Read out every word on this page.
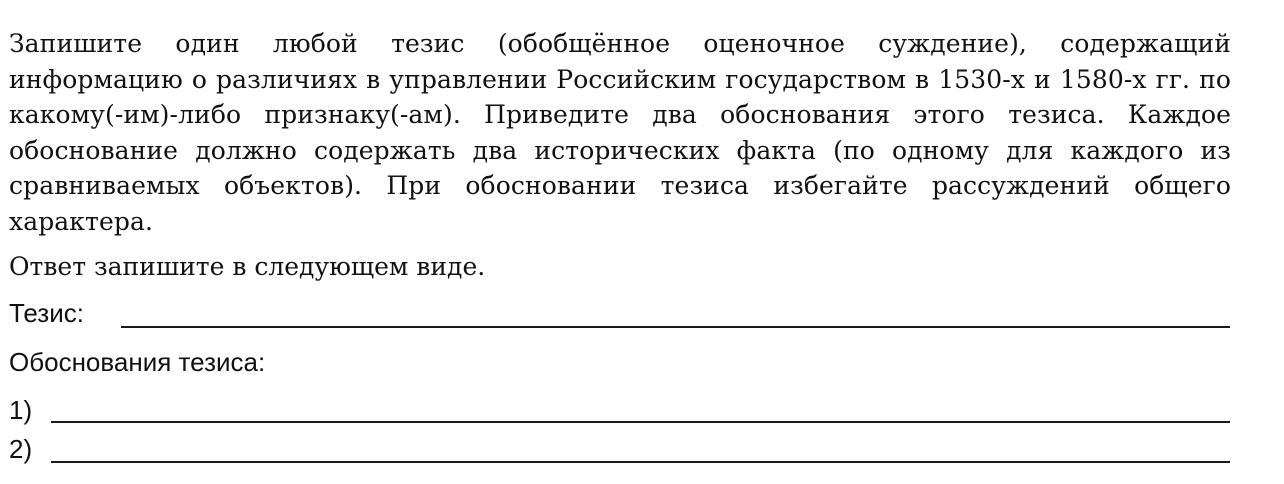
Запишите один любой тезис (обобщённое оценочное суждение), содержащий информацию о различиях в управлении Российским государством в 1530-х и 1580-х гг. по какому(-им)-либо признаку(-ам). Приведите два обоснования этого тезиса. Каждое обоснование должно содержать два исторических факта (по одному для каждого из сравниваемых объектов). При обосновании тезиса избегайте рассуждений общего характера.
Ответ запишите в следующем виде.
Тезис:
Обоснования тезиса:
1)
2)
